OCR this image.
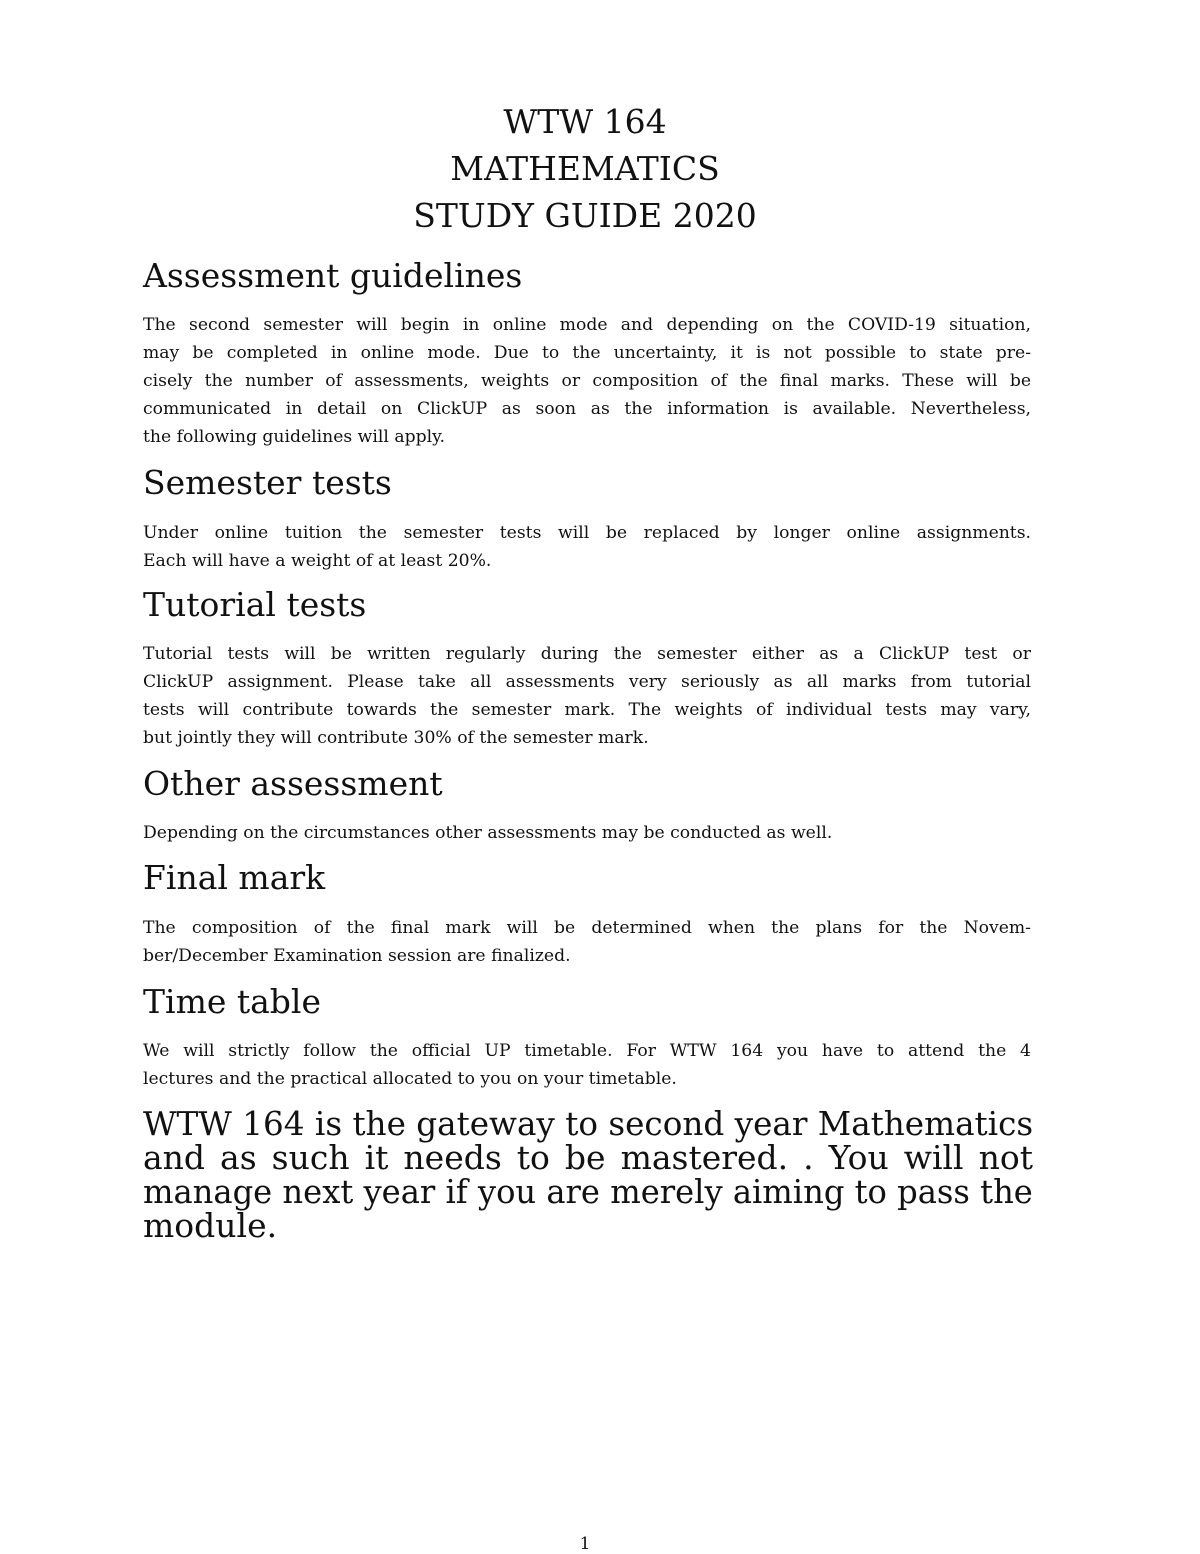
WTW 164
MATHEMATICS
STUDY GUIDE 2020
Assessment guidelines
The second semester will begin in online mode and depending on the COVID-19 situation,
may be completed in online mode. Due to the uncertainty, it is not possible to state pre-
cisely the number of assessments, weights or composition of the final marks. These will be
communicated in detail on ClickUP as soon as the information is available. Nevertheless,
the following guidelines will apply.
Semester tests
Under online tuition the semester tests will be replaced by longer online assignments.
Each will have a weight of at least 20%.
Tutorial tests
Tutorial tests will be written regularly during the semester either as a ClickUP test or
ClickUP assignment. Please take all assessments very seriously as all marks from tutorial
tests will contribute towards the semester mark. The weights of individual tests may vary,
but jointly they will contribute 30% of the semester mark.
Other assessment
Depending on the circumstances other assessments may be conducted as well.
Final mark
The composition of the final mark will be determined when the plans for the Novem-
ber/December Examination session are finalized.
Time table
We will strictly follow the official UP timetable. For WTW 164 you have to attend the 4
lectures and the practical allocated to you on your timetable.
WTW 164 is the gateway to second year Mathematics
and as such it needs to be mastered. . You will not
manage next year if you are merely aiming to pass the
module.
1
